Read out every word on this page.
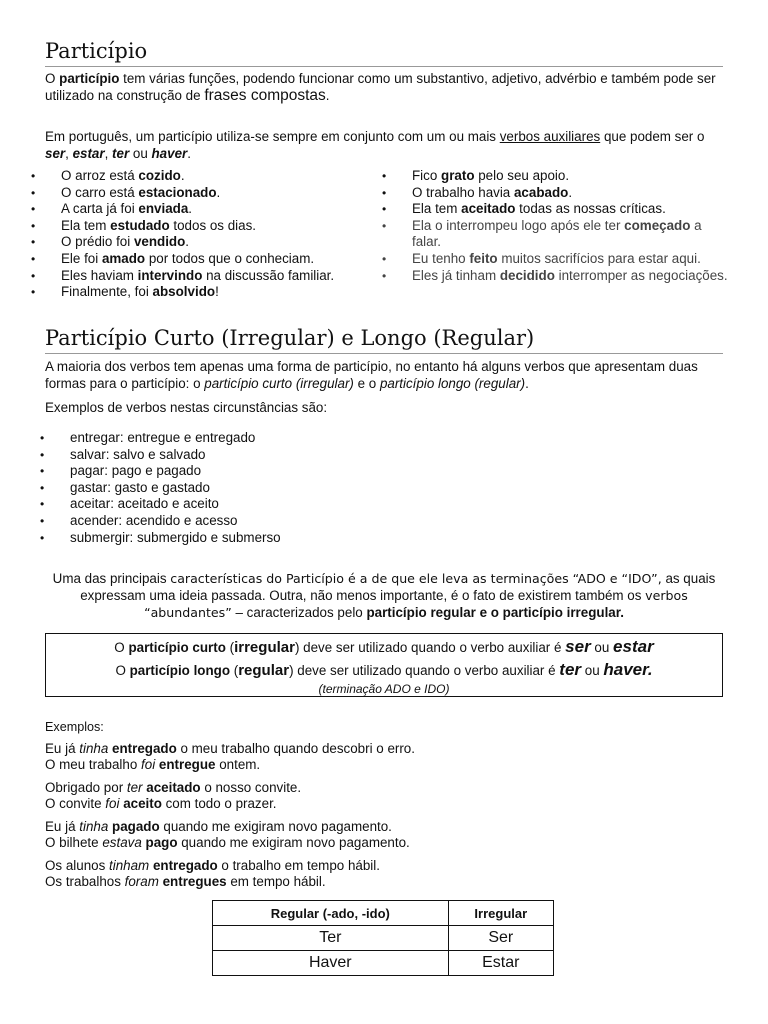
Particípio

O particípio tem várias funções, podendo funcionar como um substantivo, adjetivo, advérbio e também pode ser utilizado na construção de frases compostas.

Em português, um particípio utiliza-se sempre em conjunto com um ou mais verbos auxiliares que podem ser o ser, estar, ter ou haver.

• O arroz está cozido.
• O carro está estacionado.
• A carta já foi enviada.
• Ela tem estudado todos os dias.
• O prédio foi vendido.
• Ele foi amado por todos que o conheciam.
• Eles haviam intervindo na discussão familiar.
• Finalmente, foi absolvido!
• Fico grato pelo seu apoio.
• O trabalho havia acabado.
• Ela tem aceitado todas as nossas críticas.
• Ela o interrompeu logo após ele ter começado a falar.
• Eu tenho feito muitos sacrifícios para estar aqui.
• Eles já tinham decidido interromper as negociações.
Particípio Curto (Irregular) e Longo (Regular)

A maioria dos verbos tem apenas uma forma de particípio, no entanto há alguns verbos que apresentam duas formas para o particípio: o particípio curto (irregular) e o particípio longo (regular).

Exemplos de verbos nestas circunstâncias são:

• entregar: entregue e entregado
• salvar: salvo e salvado
• pagar: pago e pagado
• gastar: gasto e gastado
• aceitar: aceitado e aceito
• acender: acendido e acesso
• submergir: submergido e submerso

Uma das principais características do Particípio é a de que ele leva as terminações “ADO e “IDO”, as quais expressam uma ideia passada. Outra, não menos importante, é o fato de existirem também os verbos “abundantes” – caracterizados pelo particípio regular e o particípio irregular.

O particípio curto (irregular) deve ser utilizado quando o verbo auxiliar é ser ou estar
O particípio longo (regular) deve ser utilizado quando o verbo auxiliar é ter ou haver.
(terminação ADO e IDO)

Exemplos:

Eu já tinha entregado o meu trabalho quando descobri o erro.

O meu trabalho foi entregue ontem.

Obrigado por ter aceitado o nosso convite.

O convite foi aceito com todo o prazer.

Eu já tinha pagado quando me exigiram novo pagamento.

O bilhete estava pago quando me exigiram novo pagamento.

Os alunos tinham entregado o trabalho em tempo hábil.

Os trabalhos foram entregues em tempo hábil.

Regular (-ado, -ido)	Irregular
Ter	Ser
Haver	Estar
